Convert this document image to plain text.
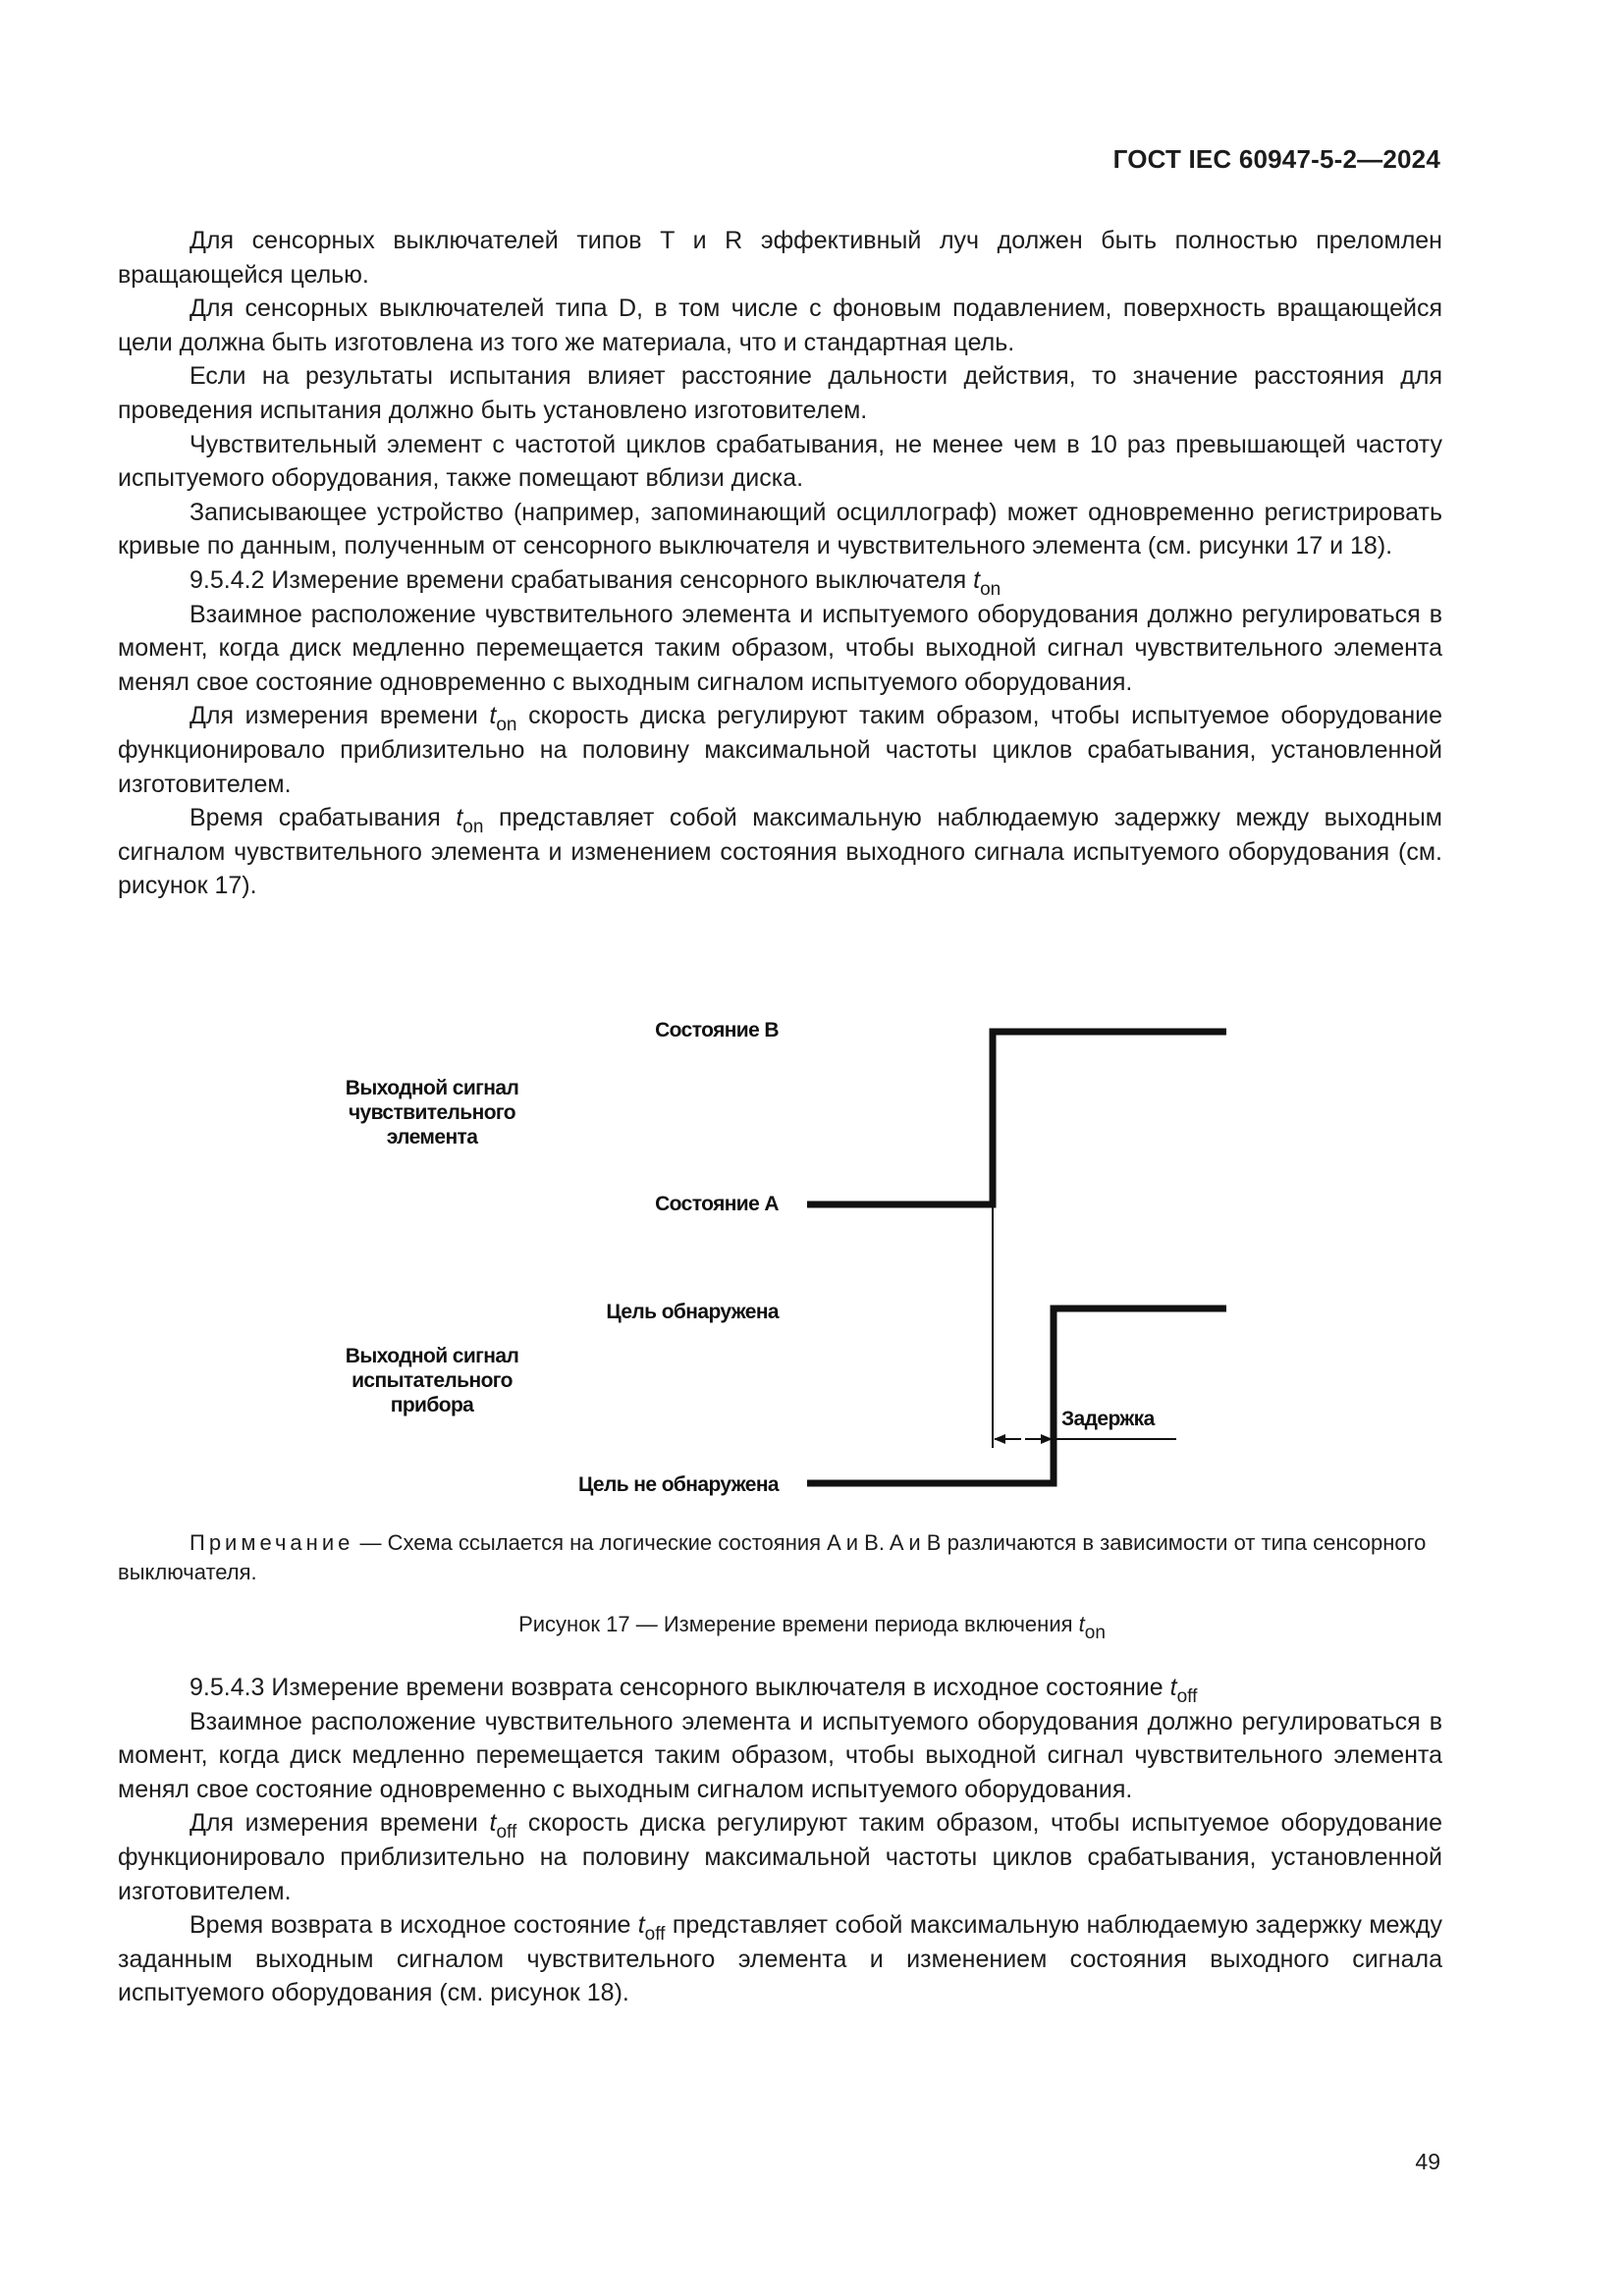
ГОСТ IEC 60947-5-2—2024

Для сенсорных выключателей типов T и R эффективный луч должен быть полностью преломлен вращающейся целью.

Для сенсорных выключателей типа D, в том числе с фоновым подавлением, поверхность вращающейся цели должна быть изготовлена из того же материала, что и стандартная цель.

Если на результаты испытания влияет расстояние дальности действия, то значение расстояния для проведения испытания должно быть установлено изготовителем.

Чувствительный элемент с частотой циклов срабатывания, не менее чем в 10 раз превышающей частоту испытуемого оборудования, также помещают вблизи диска.

Записывающее устройство (например, запоминающий осциллограф) может одновременно регистрировать кривые по данным, полученным от сенсорного выключателя и чувствительного элемента (см. рисунки 17 и 18).

9.5.4.2 Измерение времени срабатывания сенсорного выключателя $t_{on}$

Взаимное расположение чувствительного элемента и испытуемого оборудования должно регулироваться в момент, когда диск медленно перемещается таким образом, чтобы выходной сигнал чувствительного элемента менял свое состояние одновременно с выходным сигналом испытуемого оборудования.

Для измерения времени $t_{on}$ скорость диска регулируют таким образом, чтобы испытуемое оборудование функционировало приблизительно на половину максимальной частоты циклов срабатывания, установленной изготовителем.

Время срабатывания $t_{on}$ представляет собой максимальную наблюдаемую задержку между выходным сигналом чувствительного элемента и изменением состояния выходного сигнала испытуемого оборудования (см. рисунок 17).

Состояние B
Выходной сигнал чувствительного элемента
Состояние A
Цель обнаружена
Выходной сигнал испытательного прибора
Задержка
Цель не обнаружена

Примечание — Схема ссылается на логические состояния A и B. A и B различаются в зависимости от типа сенсорного выключателя.

Рисунок 17 — Измерение времени периода включения $t_{on}$

9.5.4.3 Измерение времени возврата сенсорного выключателя в исходное состояние $t_{off}$

Взаимное расположение чувствительного элемента и испытуемого оборудования должно регулироваться в момент, когда диск медленно перемещается таким образом, чтобы выходной сигнал чувствительного элемента менял свое состояние одновременно с выходным сигналом испытуемого оборудования.

Для измерения времени $t_{off}$ скорость диска регулируют таким образом, чтобы испытуемое оборудование функционировало приблизительно на половину максимальной частоты циклов срабатывания, установленной изготовителем.

Время возврата в исходное состояние $t_{off}$ представляет собой максимальную наблюдаемую задержку между заданным выходным сигналом чувствительного элемента и изменением состояния выходного сигнала испытуемого оборудования (см. рисунок 18).

49
